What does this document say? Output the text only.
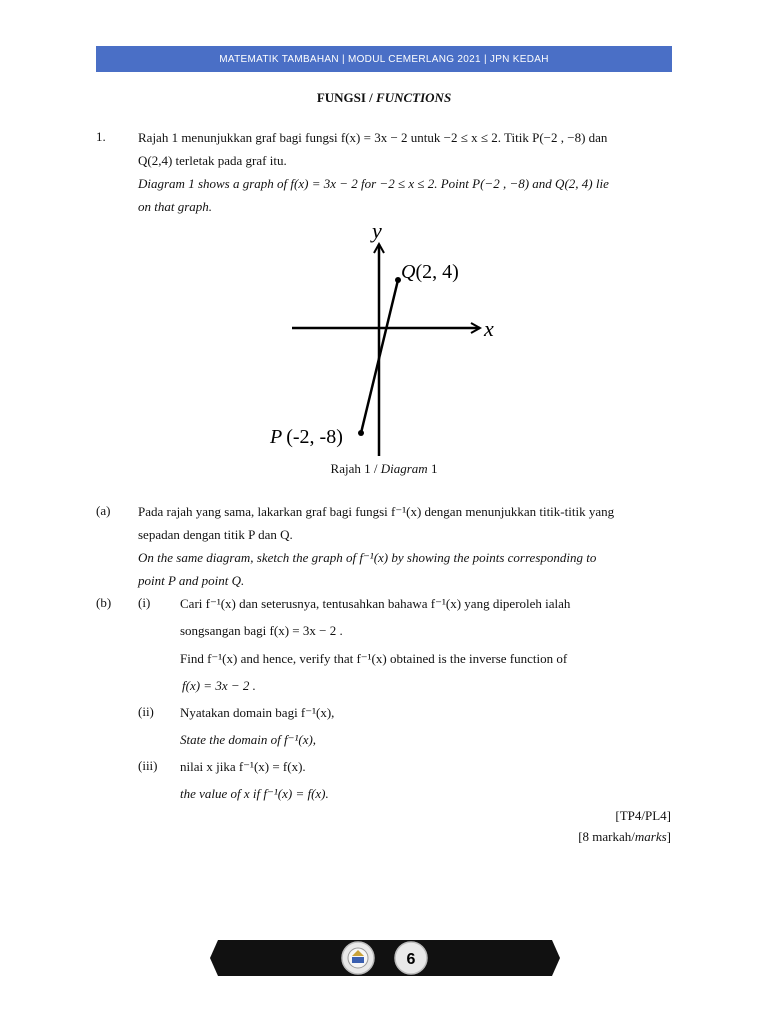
MATEMATIK TAMBAHAN | MODUL CEMERLANG 2021 | JPN KEDAH
FUNGSI / FUNCTIONS
1. Rajah 1 menunjukkan graf bagi fungsi f(x) = 3x − 2 untuk −2 ≤ x ≤ 2. Titik P(−2 , −8) dan
Q(2,4) terletak pada graf itu.
Diagram 1 shows a graph of f(x) = 3x − 2 for −2 ≤ x ≤ 2. Point P(−2 , −8) and Q(2, 4) lie
on that graph.
y
x
Q(2, 4)
P (-2, -8)
Rajah 1 / Diagram 1
(a) Pada rajah yang sama, lakarkan graf bagi fungsi f⁻¹(x) dengan menunjukkan titik-titik yang
sepadan dengan titik P dan Q.
On the same diagram, sketch the graph of f⁻¹(x) by showing the points corresponding to
point P and point Q.
(b) (i) Cari f⁻¹(x) dan seterusnya, tentusahkan bahawa f⁻¹(x) yang diperoleh ialah
songsangan bagi f(x) = 3x − 2 .
Find f⁻¹(x) and hence, verify that f⁻¹(x) obtained is the inverse function of
f(x) = 3x − 2 .
(ii) Nyatakan domain bagi f⁻¹(x),
State the domain of f⁻¹(x),
(iii) nilai x jika f⁻¹(x) = f(x).
the value of x if f⁻¹(x) = f(x).
[TP4/PL4]
[8 markah/marks]
6
